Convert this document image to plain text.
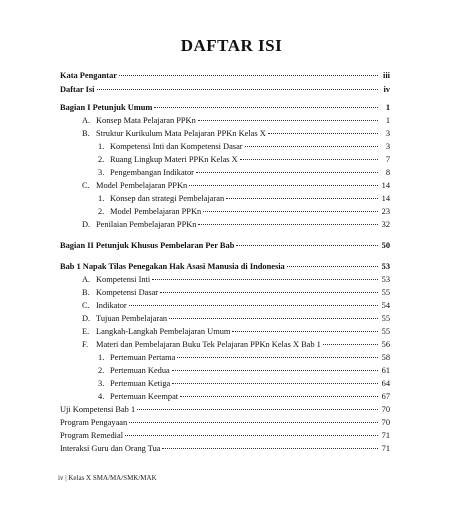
DAFTAR ISI
Kata Pengantar	iii
Daftar Isi	iv
Bagian I Petunjuk Umum	1
A. Konsep Mata Pelajaran PPKn	1
B. Struktur Kurikulum Mata Pelajaran PPKn Kelas X	3
1. Kompetensi Inti dan Kompetensi Dasar	3
2. Ruang Lingkup Materi PPKn Kelas X	7
3. Pengembangan Indikator	8
C. Model Pembelajaran PPKn	14
1. Konsep dan strategi Pembelajaran	14
2. Model Pembelajaran PPKn	23
D. Penilaian Pembelajaran PPKn	32
Bagian II Petunjuk Khusus Pembelaran Per Bab	50
Bab 1 Napak Tilas Penegakan Hak Asasi Manusia di Indonesia	53
A. Kompetensi Inti	53
B. Kompetensi Dasar	55
C. Indikator	54
D. Tujuan Pembelajaran	55
E. Langkah-Langkah Pembelajaran Umum	55
F. Materi dan Pembelajaran Buku Tek Pelajaran PPKn Kelas X Bab 1	56
1. Pertemuan Pertama	58
2. Pertemuan Kedua	61
3. Pertemuan Ketiga	64
4. Pertemuan Keempat	67
Uji Kompetensi Bab 1	70
Program Pengayaan	70
Program Remedial	71
Interaksi Guru dan Orang Tua	71
iv | Kelas X SMA/MA/SMK/MAK
